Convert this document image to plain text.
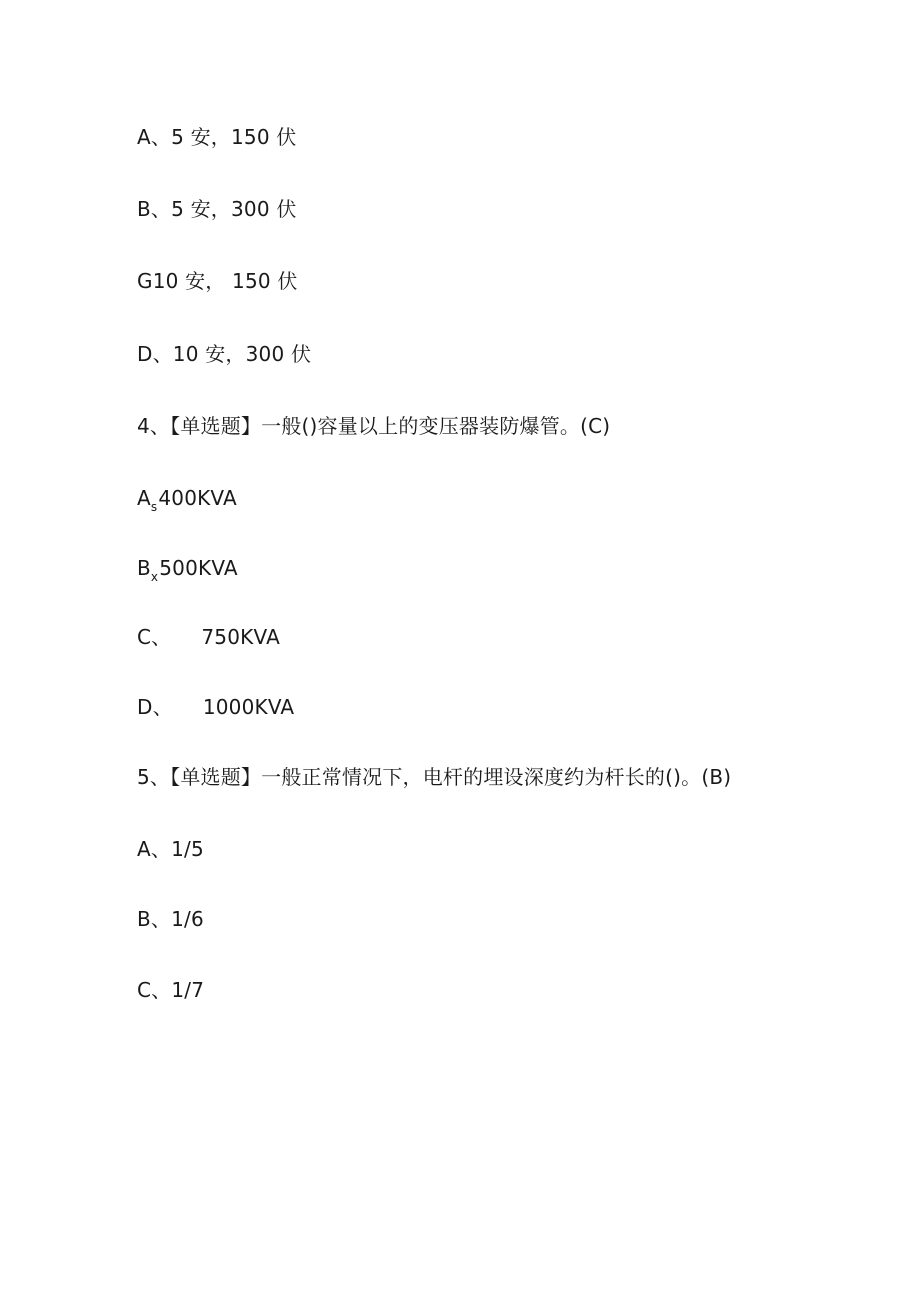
A、5 安，150 伏
B、5 安，300 伏
G10 安， 150 伏
D、10 安，300 伏
4、【单选题】一般()容量以上的变压器装防爆管。(C)
$A_s400KVA$
$B_x500KVA$
C、 750KVA
D、 1000KVA
5、【单选题】一般正常情况下，电杆的埋设深度约为杆长的()。(B)
A、1/5
B、1/6
C、1/7
